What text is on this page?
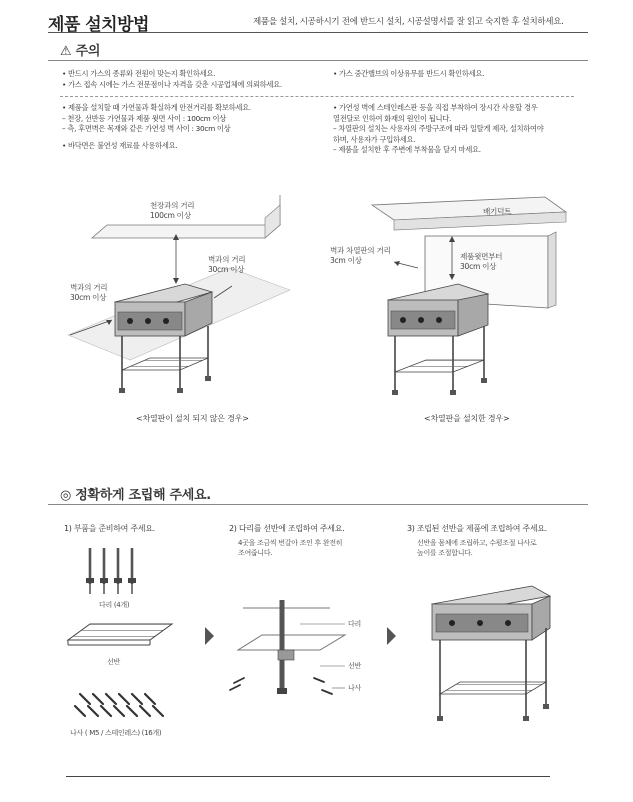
제품 설치방법	제품을 설치, 시공하시기 전에 반드시 설치, 시공설명서를 잘 읽고 숙지한 후 설치하세요.
⚠ 주의
• 반드시 가스의 종류와 전원이 맞는지 확인하세요.
• 가스 접속 시에는 가스 전문점이나 자격을 갖춘 시공업체에 의뢰하세요.
• 가스 중간밸브의 이상유무를 반드시 확인하세요.
• 제품을 설치할 때 가연물과 확실하게 안전거리를 확보하세요.
– 천장, 선반등 가연물과 제품 윗면 사이 : 100cm 이상
– 측, 후면벽은 목재와 같은 가연성 벽 사이 : 30cm 이상
• 바닥면은 불연성 재료를 사용하세요.
• 가연성 벽에 스테인레스판 등을 직접 부착하여 장시간 사용할 경우
열전달로 인하여 화재의 원인이 됩니다.
– 차열판의 설치는 사용자의 주방구조에 따라 일탈게 제작, 설치하여야
하며, 사용자가 구입하세요.
– 제품을 설치한 후 주변에 부착물을 달지 마세요.
천장과의 거리
100cm 이상
벽과의 거리
30cm 이상
벽과의 거리
30cm 이상
<차열판이 설치 되지 않은 경우>
배기덕트
벽과 차열판의 거리
3cm 이상	제품윗면부터
30cm 이상
<차열판을 설치한 경우>
◎ 정확하게 조립해 주세요.
1) 부품을 준비하여 주세요.	2) 다리를 선반에 조립하여 주세요.	3) 조립된 선반을 제품에 조립하여 주세요.
4곳을 조금씩 번갈아 조인 후 완전히
조여줍니다.
선반을 몸체에 조립하고, 수평조절 나사로
높이를 조절합니다.
다리 (4개)
선반
나사 ( M5 / 스테인레스) (16개)
다리
선반
나사
